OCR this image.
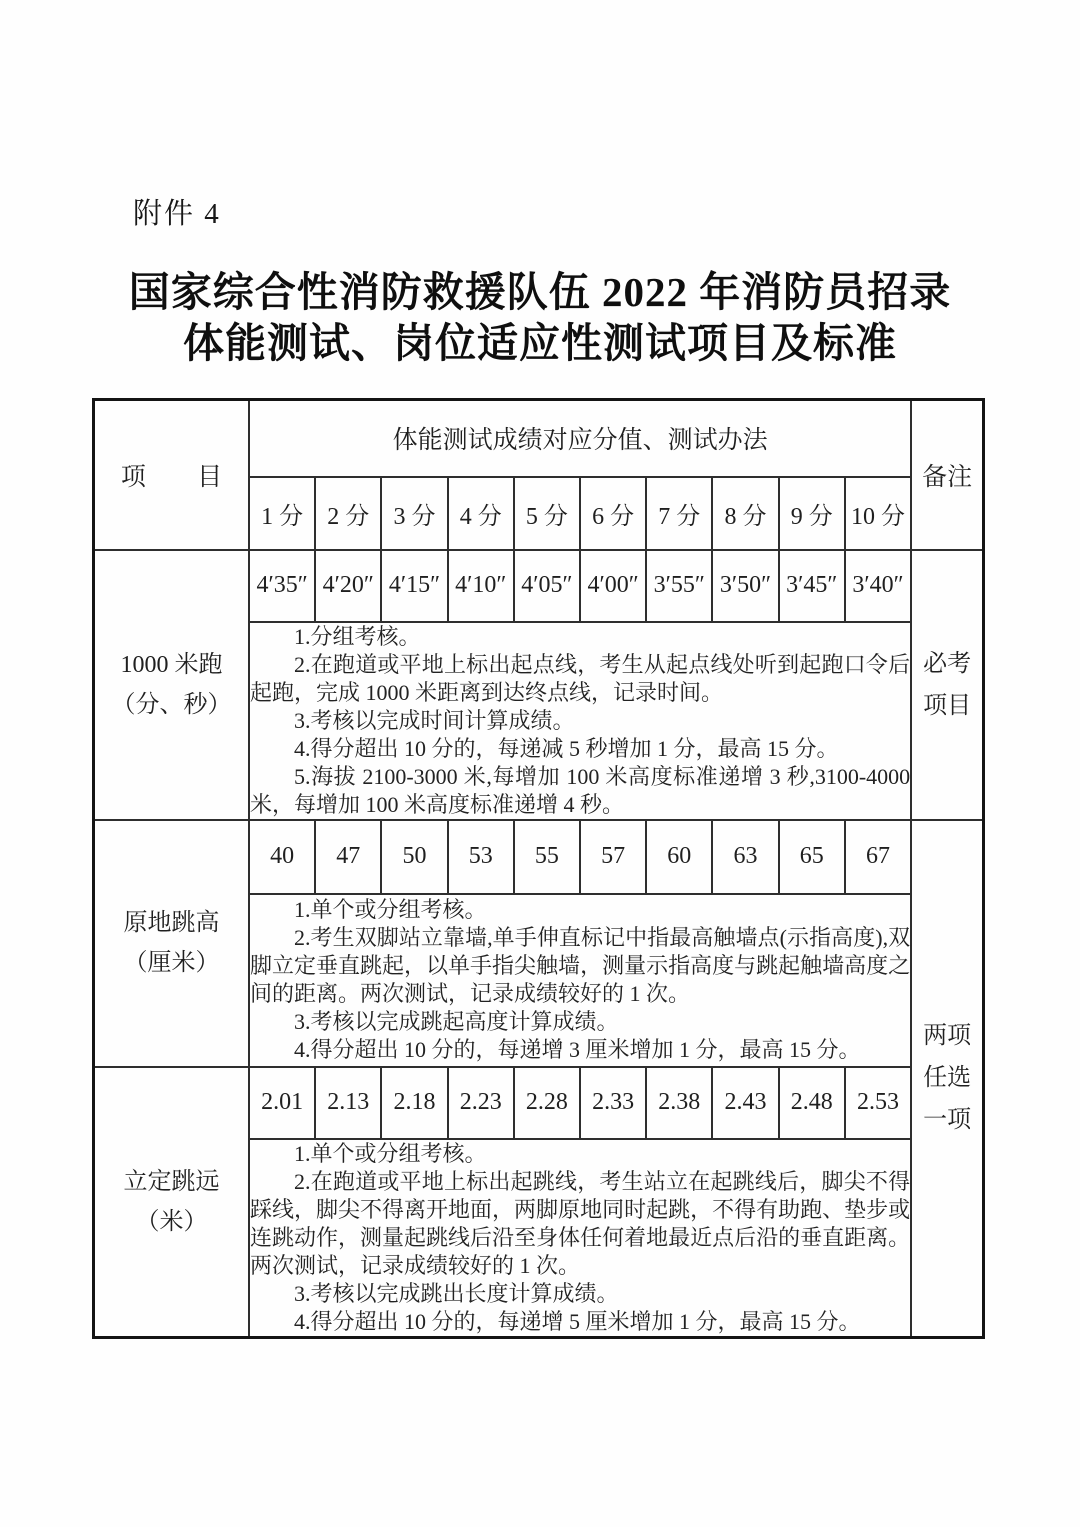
附件 4
国家综合性消防救援队伍 2022 年消防员招录
体能测试、岗位适应性测试项目及标准
项 目	体能测试成绩对应分值、测试办法										备注
	1 分	2 分	3 分	4 分	5 分	6 分	7 分	8 分	9 分	10 分	

1000 米跑
（分、秒）	4′35″	4′20″	4′15″	4′10″	4′05″	4′00″	3′55″	3′50″	3′45″	3′40″	必考项目

	1.分组考核。

2.在跑道或平地上标出起点线，考生从起点线处听到起跑口令后起跑，完成 1000 米距离到达终点线，记录时间。

3.考核以完成时间计算成绩。

4.得分超出 10 分的，每递减 5 秒增加 1 分，最高 15 分。

5.海拔 2100-3000 米,每增加 100 米高度标准递增 3 秒,3100-4000 米，每增加 100 米高度标准递增 4 秒。										

原地跳高
（厘米）	40	47	50	53	55	57	60	63	65	67	两项任选一项

	1.单个或分组考核。

2.考生双脚站立靠墙,单手伸直标记中指最高触墙点(示指高度),双脚立定垂直跳起，以单手指尖触墙，测量示指高度与跳起触墙高度之间的距离。两次测试，记录成绩较好的 1 次。

3.考核以完成跳起高度计算成绩。

4.得分超出 10 分的，每递增 3 厘米增加 1 分，最高 15 分。										

立定跳远
（米）	2.01	2.13	2.18	2.23	2.28	2.33	2.38	2.43	2.48	2.53	

	1.单个或分组考核。

2.在跑道或平地上标出起跳线，考生站立在起跳线后，脚尖不得踩线，脚尖不得离开地面，两脚原地同时起跳，不得有助跑、垫步或连跳动作，测量起跳线后沿至身体任何着地最近点后沿的垂直距离。两次测试，记录成绩较好的 1 次。

3.考核以完成跳出长度计算成绩。

4.得分超出 10 分的，每递增 5 厘米增加 1 分，最高 15 分。										
